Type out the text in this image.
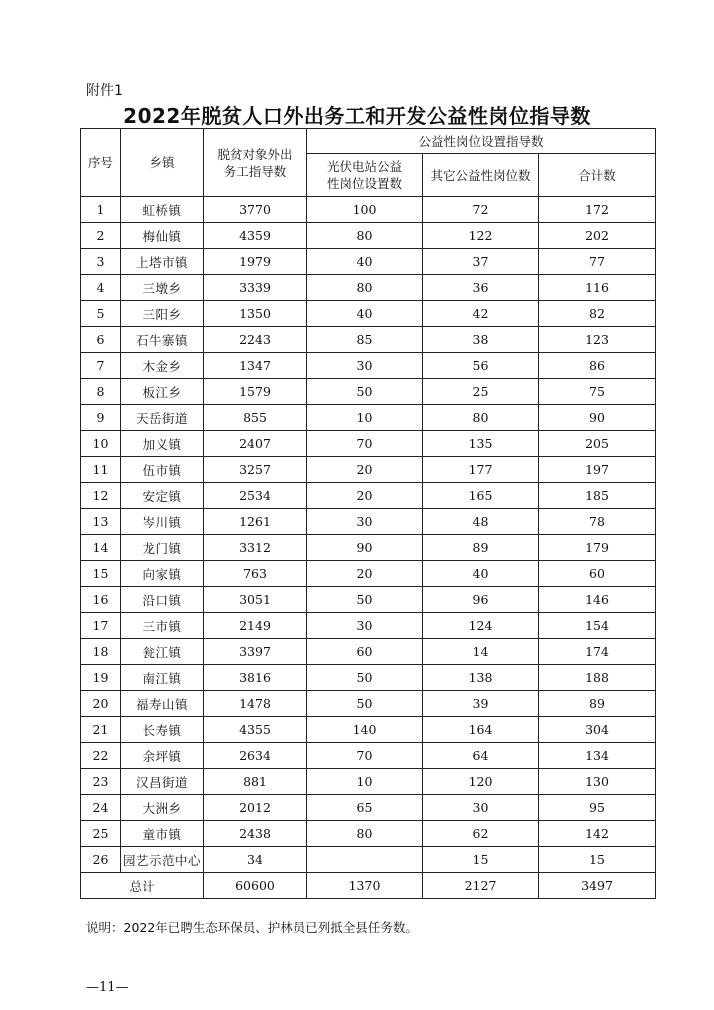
附件1
2022年脱贫人口外出务工和开发公益性岗位指导数
序号	乡镇	脱贫对象外出务工指导数	公益性岗位设置指导数		
			光伏电站公益性岗位设置数	其它公益性岗位数	合计数
1	虹桥镇	3770	100	72	172
2	梅仙镇	4359	80	122	202
3	上塔市镇	1979	40	37	77
4	三墩乡	3339	80	36	116
5	三阳乡	1350	40	42	82
6	石牛寨镇	2243	85	38	123
7	木金乡	1347	30	56	86
8	板江乡	1579	50	25	75
9	天岳街道	855	10	80	90
10	加义镇	2407	70	135	205
11	伍市镇	3257	20	177	197
12	安定镇	2534	20	165	185
13	岑川镇	1261	30	48	78
14	龙门镇	3312	90	89	179
15	向家镇	763	20	40	60
16	沿口镇	3051	50	96	146
17	三市镇	2149	30	124	154
18	瓮江镇	3397	60	14	174
19	南江镇	3816	50	138	188
20	福寿山镇	1478	50	39	89
21	长寿镇	4355	140	164	304
22	余坪镇	2634	70	64	134
23	汉昌街道	881	10	120	130
24	大洲乡	2012	65	30	95
25	童市镇	2438	80	62	142
26	园艺示范中心	34		15	15
总计		60600	1370	2127	3497
说明：2022年已聘生态环保员、护林员已列抵全县任务数。
—11—
